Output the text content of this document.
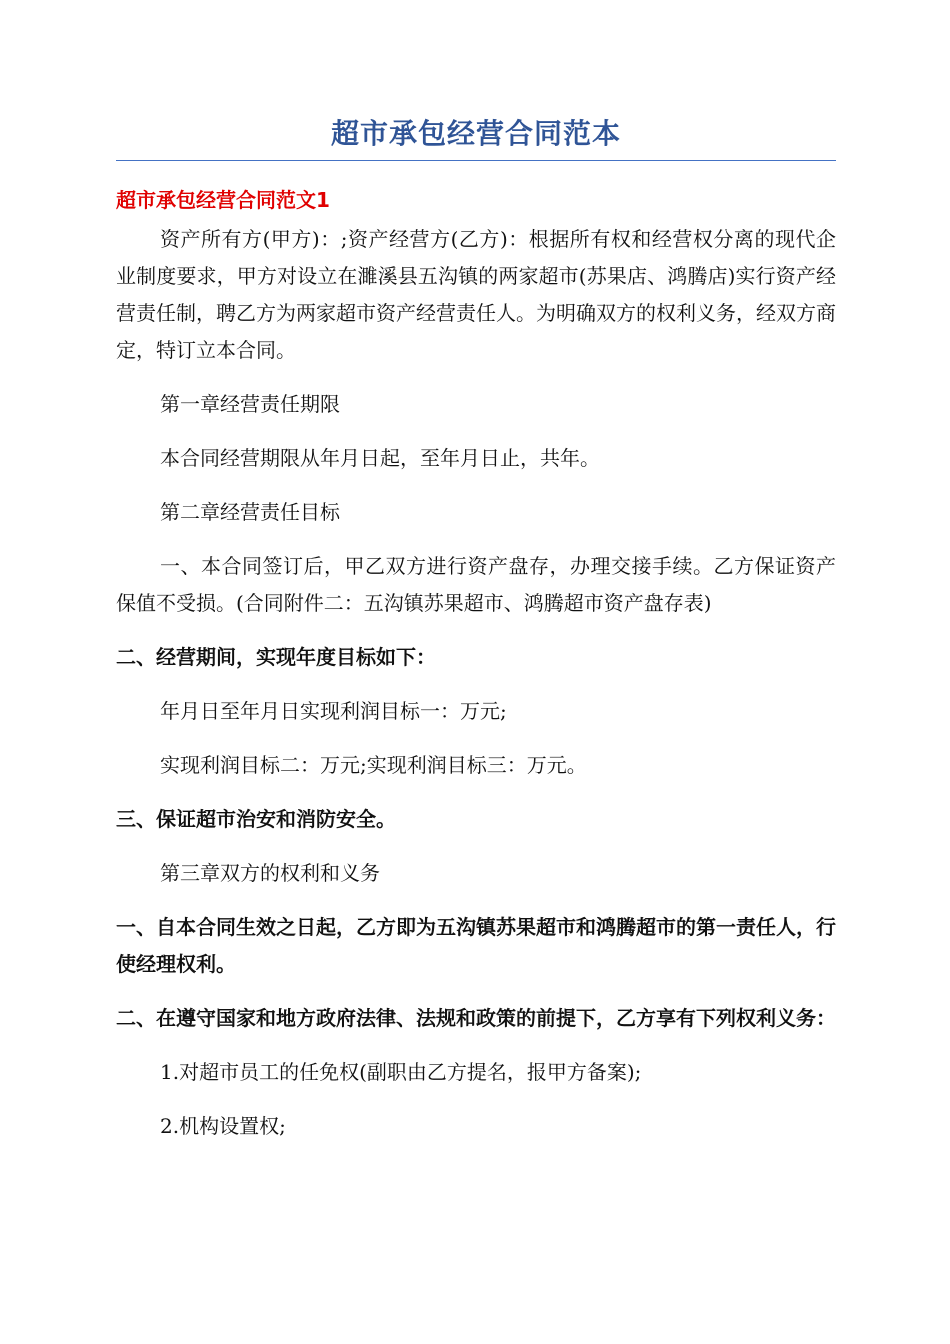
超市承包经营合同范本
超市承包经营合同范文1

资产所有方(甲方)：;资产经营方(乙方)：根据所有权和经营权分离的现代企业制度要求，甲方对设立在濉溪县五沟镇的两家超市(苏果店、鸿腾店)实行资产经营责任制，聘乙方为两家超市资产经营责任人。为明确双方的权利义务，经双方商定，特订立本合同。

第一章经营责任期限

本合同经营期限从年月日起，至年月日止，共年。

第二章经营责任目标

一、本合同签订后，甲乙双方进行资产盘存，办理交接手续。乙方保证资产保值不受损。(合同附件二：五沟镇苏果超市、鸿腾超市资产盘存表)

二、经营期间，实现年度目标如下：

年月日至年月日实现利润目标一：万元;

实现利润目标二：万元;实现利润目标三：万元。

三、保证超市治安和消防安全。

第三章双方的权利和义务

一、自本合同生效之日起，乙方即为五沟镇苏果超市和鸿腾超市的第一责任人，行使经理权利。

二、在遵守国家和地方政府法律、法规和政策的前提下，乙方享有下列权利义务：

1.对超市员工的任免权(副职由乙方提名，报甲方备案);

2.机构设置权;
